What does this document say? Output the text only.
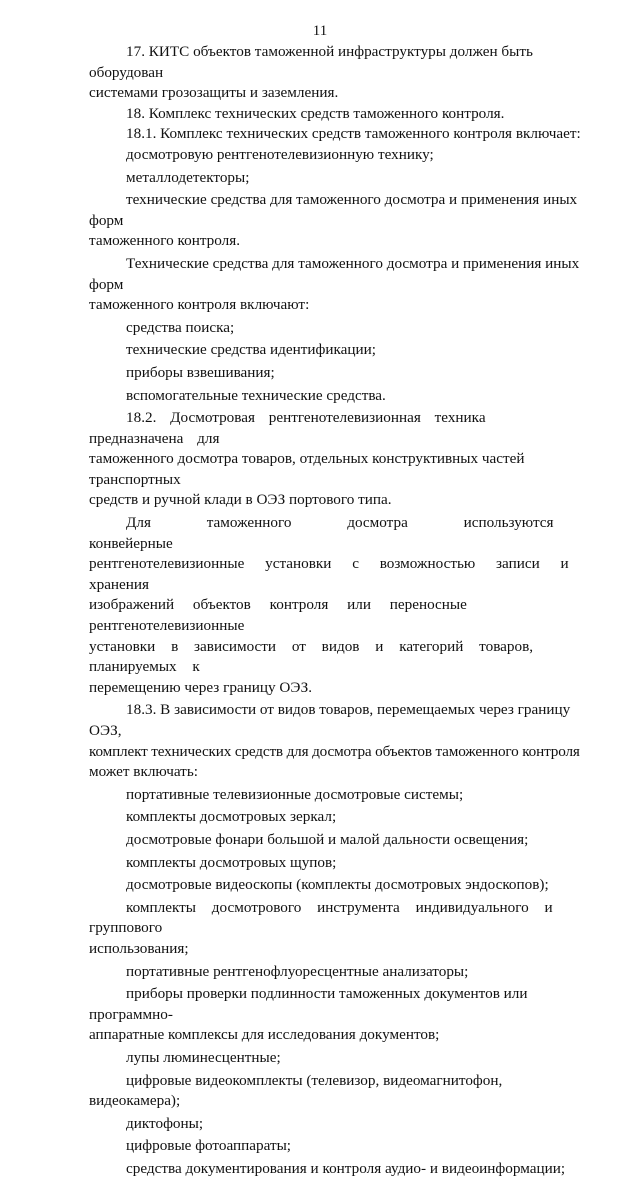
11

17. КИТС объектов таможенной инфраструктуры должен быть оборудован

системами грозозащиты и заземления.

18. Комплекс технических средств таможенного контроля.

18.1. Комплекс технических средств таможенного контроля включает:

досмотровую рентгенотелевизионную технику;

металлодетекторы;

технические средства для таможенного досмотра и применения иных форм

таможенного контроля.

Технические средства для таможенного досмотра и применения иных форм

таможенного контроля включают:

средства поиска;

технические средства идентификации;

приборы взвешивания;

вспомогательные технические средства.

18.2. Досмотровая рентгенотелевизионная техника предназначена для

таможенного досмотра товаров, отдельных конструктивных частей транспортных

средств и ручной клади в ОЭЗ портового типа.

Для таможенного досмотра используются конвейерные

рентгенотелевизионные установки с возможностью записи и хранения

изображений объектов контроля или переносные рентгенотелевизионные

установки в зависимости от видов и категорий товаров, планируемых к

перемещению через границу ОЭЗ.

18.3. В зависимости от видов товаров, перемещаемых через границу ОЭЗ,

комплект технических средств для досмотра объектов таможенного контроля

может включать:

портативные телевизионные досмотровые системы;

комплекты досмотровых зеркал;

досмотровые фонари большой и малой дальности освещения;

комплекты досмотровых щупов;

досмотровые видеоскопы (комплекты досмотровых эндоскопов);

комплекты досмотрового инструмента индивидуального и группового

использования;

портативные рентгенофлуоресцентные анализаторы;

приборы проверки подлинности таможенных документов или программно-

аппаратные комплексы для исследования документов;

лупы люминесцентные;

цифровые видеокомплекты (телевизор, видеомагнитофон, видеокамера);

диктофоны;

цифровые фотоаппараты;

средства документирования и контроля аудио- и видеоинформации;
